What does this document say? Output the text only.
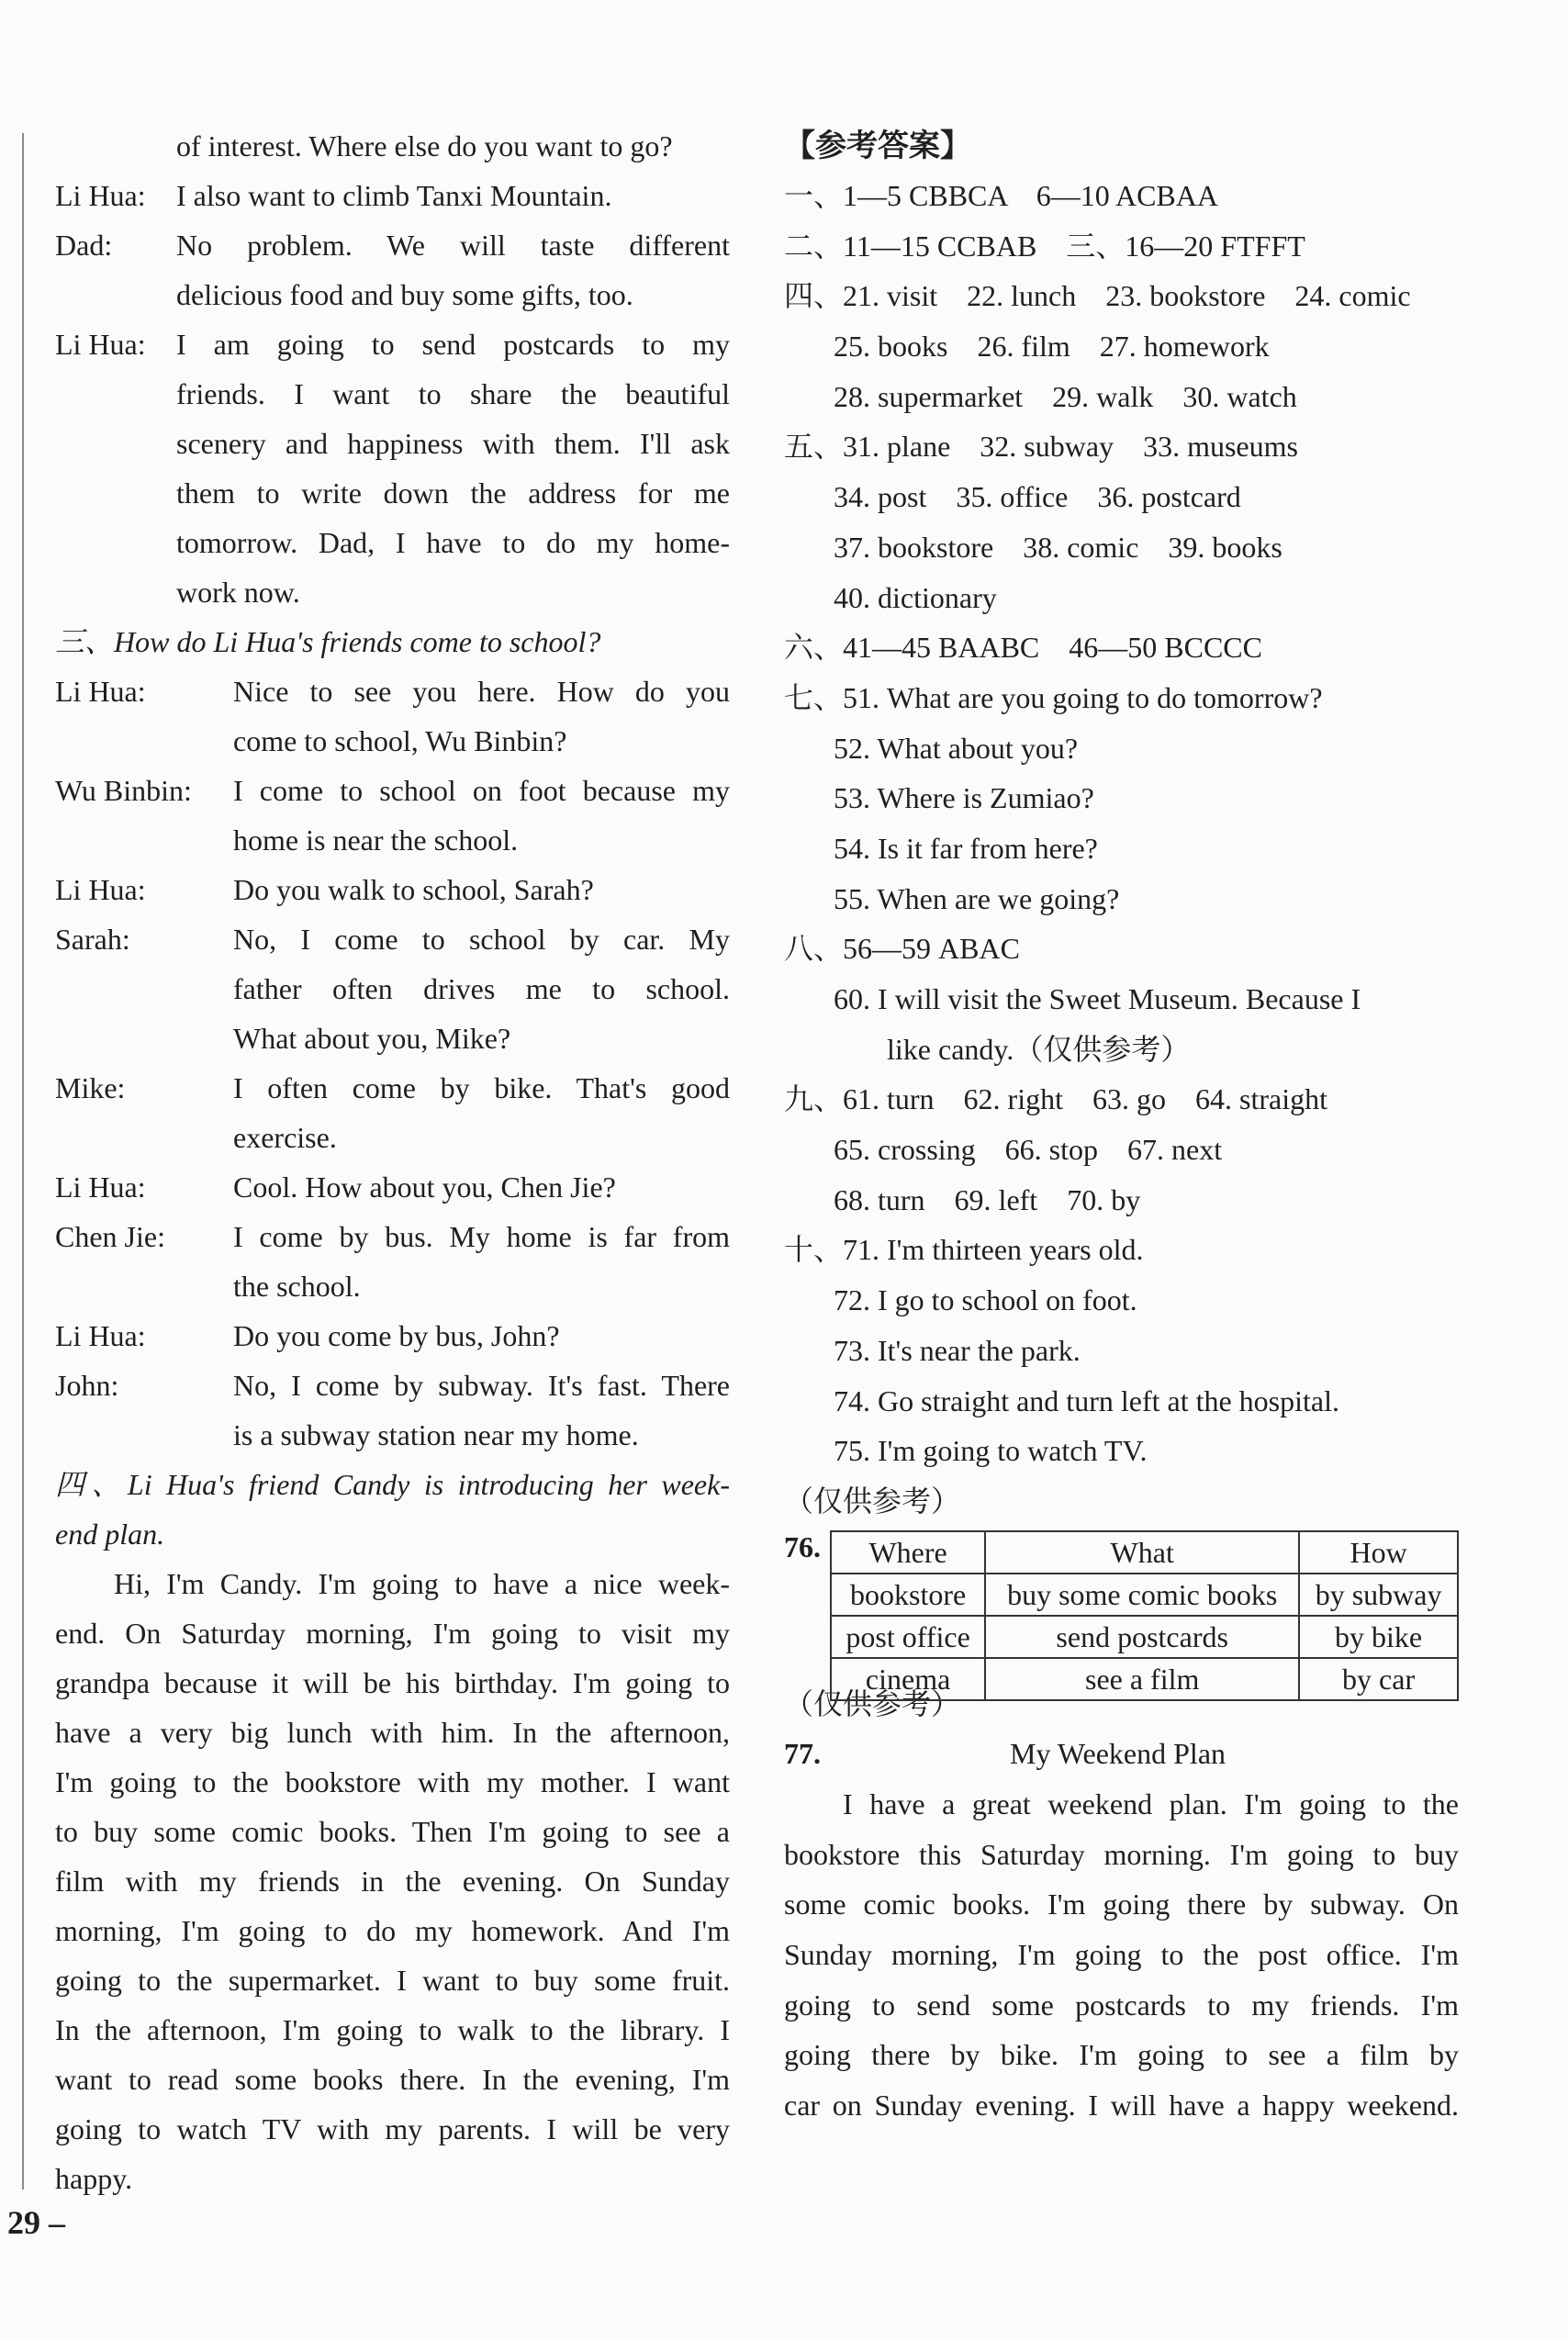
of interest. Where else do you want to go?
Li Hua:	I also want to climb Tanxi Mountain.
Dad:	No problem. We will taste different
delicious food and buy some gifts, too.
Li Hua:	I am going to send postcards to my
friends. I want to share the beautiful
scenery and happiness with them. I'll ask
them to write down the address for me
tomorrow. Dad, I have to do my home-
work now.
三、How do Li Hua's friends come to school?
Li Hua:	Nice to see you here. How do you
come to school, Wu Binbin?
Wu Binbin:	I come to school on foot because my
home is near the school.
Li Hua:	Do you walk to school, Sarah?
Sarah:	No, I come to school by car. My
father often drives me to school.
What about you, Mike?
Mike:	I often come by bike. That's good
exercise.
Li Hua:	Cool. How about you, Chen Jie?
Chen Jie:	I come by bus. My home is far from
the school.
Li Hua:	Do you come by bus, John?
John:	No, I come by subway. It's fast. There
is a subway station near my home.
四、Li Hua's friend Candy is introducing her week-
end plan.
Hi, I'm Candy. I'm going to have a nice week-
end. On Saturday morning, I'm going to visit my
grandpa because it will be his birthday. I'm going to
have a very big lunch with him. In the afternoon,
I'm going to the bookstore with my mother. I want
to buy some comic books. Then I'm going to see a
film with my friends in the evening. On Sunday
morning, I'm going to do my homework. And I'm
going to the supermarket. I want to buy some fruit.
In the afternoon, I'm going to walk to the library. I
want to read some books there. In the evening, I'm
going to watch TV with my parents. I will be very
happy.
【参考答案】
一、1—5 CBBCA    6—10 ACBAA
二、11—15 CCBAB    三、16—20 FTFFT
四、21. visit    22. lunch    23. bookstore    24. comic
25. books    26. film    27. homework
28. supermarket    29. walk    30. watch
五、31. plane    32. subway    33. museums
34. post    35. office    36. postcard
37. bookstore    38. comic    39. books
40. dictionary
六、41—45 BAABC    46—50 BCCCC
七、51. What are you going to do tomorrow?
52. What about you?
53. Where is Zumiao?
54. Is it far from here?
55. When are we going?
八、56—59 ABAC
60. I will visit the Sweet Museum. Because I
like candy.（仅供参考）
九、61. turn    62. right    63. go    64. straight
65. crossing    66. stop    67. next
68. turn    69. left    70. by
十、71. I'm thirteen years old.
72. I go to school on foot.
73. It's near the park.
74. Go straight and turn left at the hospital.
75. I'm going to watch TV.
（仅供参考）
76. Where	What	How
bookstore	buy some comic books	by subway
post office	send postcards	by bike
cinema	see a film	by car
（仅供参考）
77.	My Weekend Plan
I have a great weekend plan. I'm going to the
bookstore this Saturday morning. I'm going to buy
some comic books. I'm going there by subway. On
Sunday morning, I'm going to the post office. I'm
going to send some postcards to my friends. I'm
going there by bike. I'm going to see a film by
car on Sunday evening. I will have a happy weekend.
29 –
